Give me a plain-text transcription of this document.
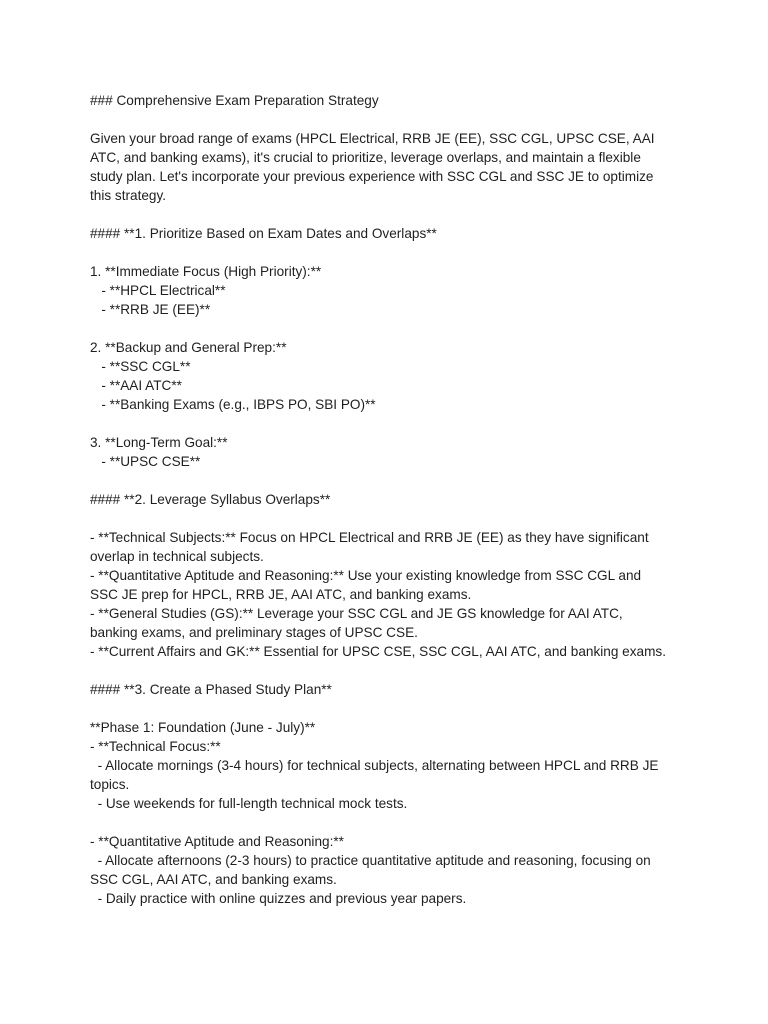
### Comprehensive Exam Preparation Strategy

Given your broad range of exams (HPCL Electrical, RRB JE (EE), SSC CGL, UPSC CSE, AAI

ATC, and banking exams), it's crucial to prioritize, leverage overlaps, and maintain a flexible

study plan. Let's incorporate your previous experience with SSC CGL and SSC JE to optimize

this strategy.

#### **1. Prioritize Based on Exam Dates and Overlaps**

1. **Immediate Focus (High Priority):**

- **HPCL Electrical**

- **RRB JE (EE)**

2. **Backup and General Prep:**

- **SSC CGL**

- **AAI ATC**

- **Banking Exams (e.g., IBPS PO, SBI PO)**

3. **Long-Term Goal:**

- **UPSC CSE**

#### **2. Leverage Syllabus Overlaps**

- **Technical Subjects:** Focus on HPCL Electrical and RRB JE (EE) as they have significant

overlap in technical subjects.

- **Quantitative Aptitude and Reasoning:** Use your existing knowledge from SSC CGL and

SSC JE prep for HPCL, RRB JE, AAI ATC, and banking exams.

- **General Studies (GS):** Leverage your SSC CGL and JE GS knowledge for AAI ATC,

banking exams, and preliminary stages of UPSC CSE.

- **Current Affairs and GK:** Essential for UPSC CSE, SSC CGL, AAI ATC, and banking exams.

#### **3. Create a Phased Study Plan**

**Phase 1: Foundation (June - July)**

- **Technical Focus:**

- Allocate mornings (3-4 hours) for technical subjects, alternating between HPCL and RRB JE

topics.

- Use weekends for full-length technical mock tests.

- **Quantitative Aptitude and Reasoning:**

- Allocate afternoons (2-3 hours) to practice quantitative aptitude and reasoning, focusing on

SSC CGL, AAI ATC, and banking exams.

- Daily practice with online quizzes and previous year papers.
